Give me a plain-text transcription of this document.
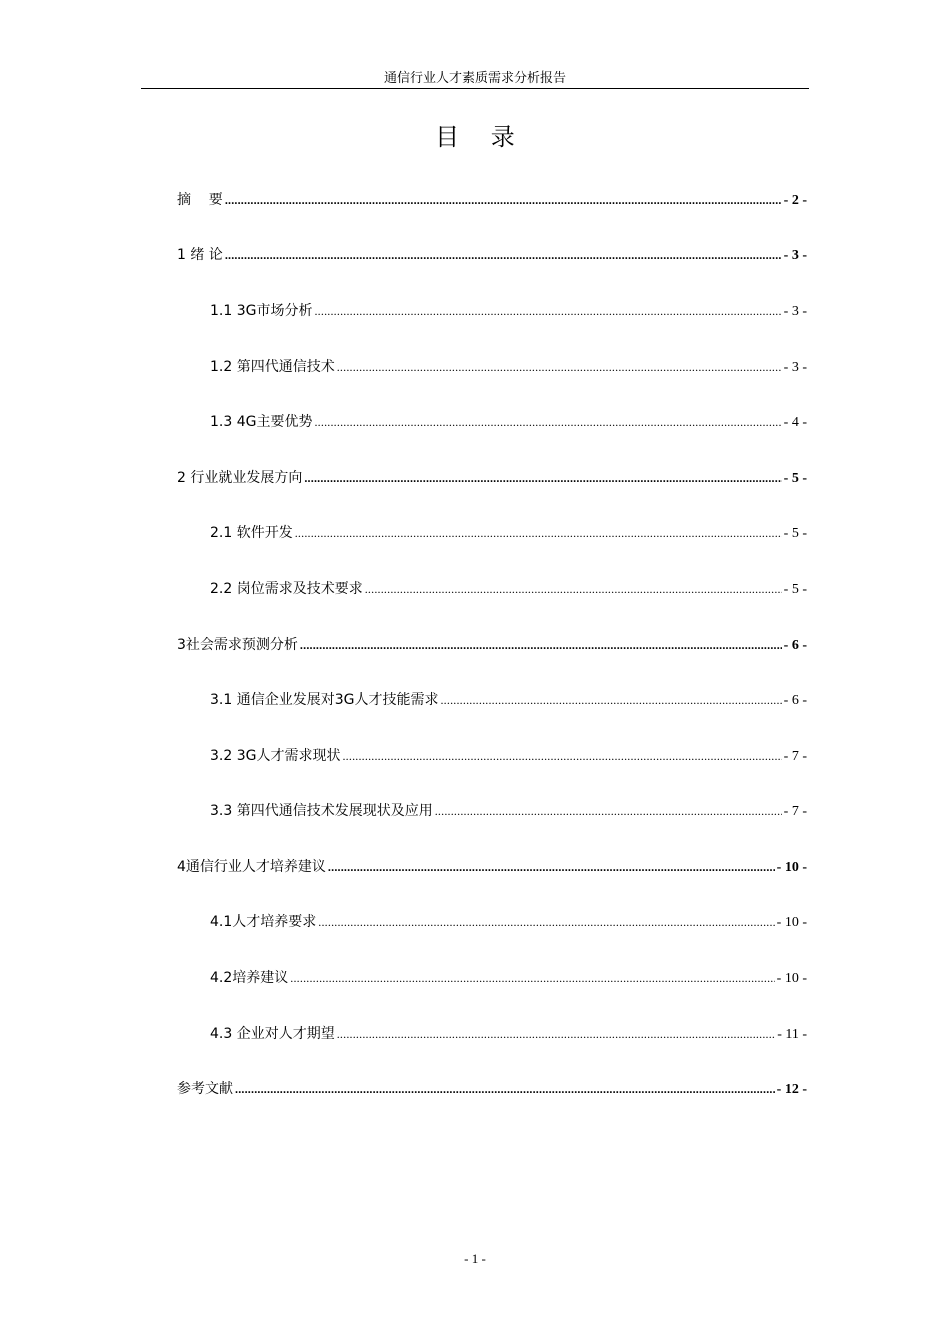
通信行业人才素质需求分析报告
目 录
摘    要 .....	- 2 -
1 绪 论 .....	- 3 -
1.1 3G市场分析 .....	- 3 -
1.2 第四代通信技术 .....	- 3 -
1.3 4G主要优势 .....	- 4 -
2 行业就业发展方向 .....	- 5 -
2.1 软件开发 .....	- 5 -
2.2 岗位需求及技术要求 .....	- 5 -
3社会需求预测分析 .....	- 6 -
3.1 通信企业发展对3G人才技能需求 .....	- 6 -
3.2 3G人才需求现状 .....	- 7 -
3.3 第四代通信技术发展现状及应用 .....	- 7 -
4通信行业人才培养建议 .....	- 10 -
4.1人才培养要求 .....	- 10 -
4.2培养建议 .....	- 10 -
4.3 企业对人才期望 .....	- 11 -
参考文献 .....	- 12 -
- 1 -
